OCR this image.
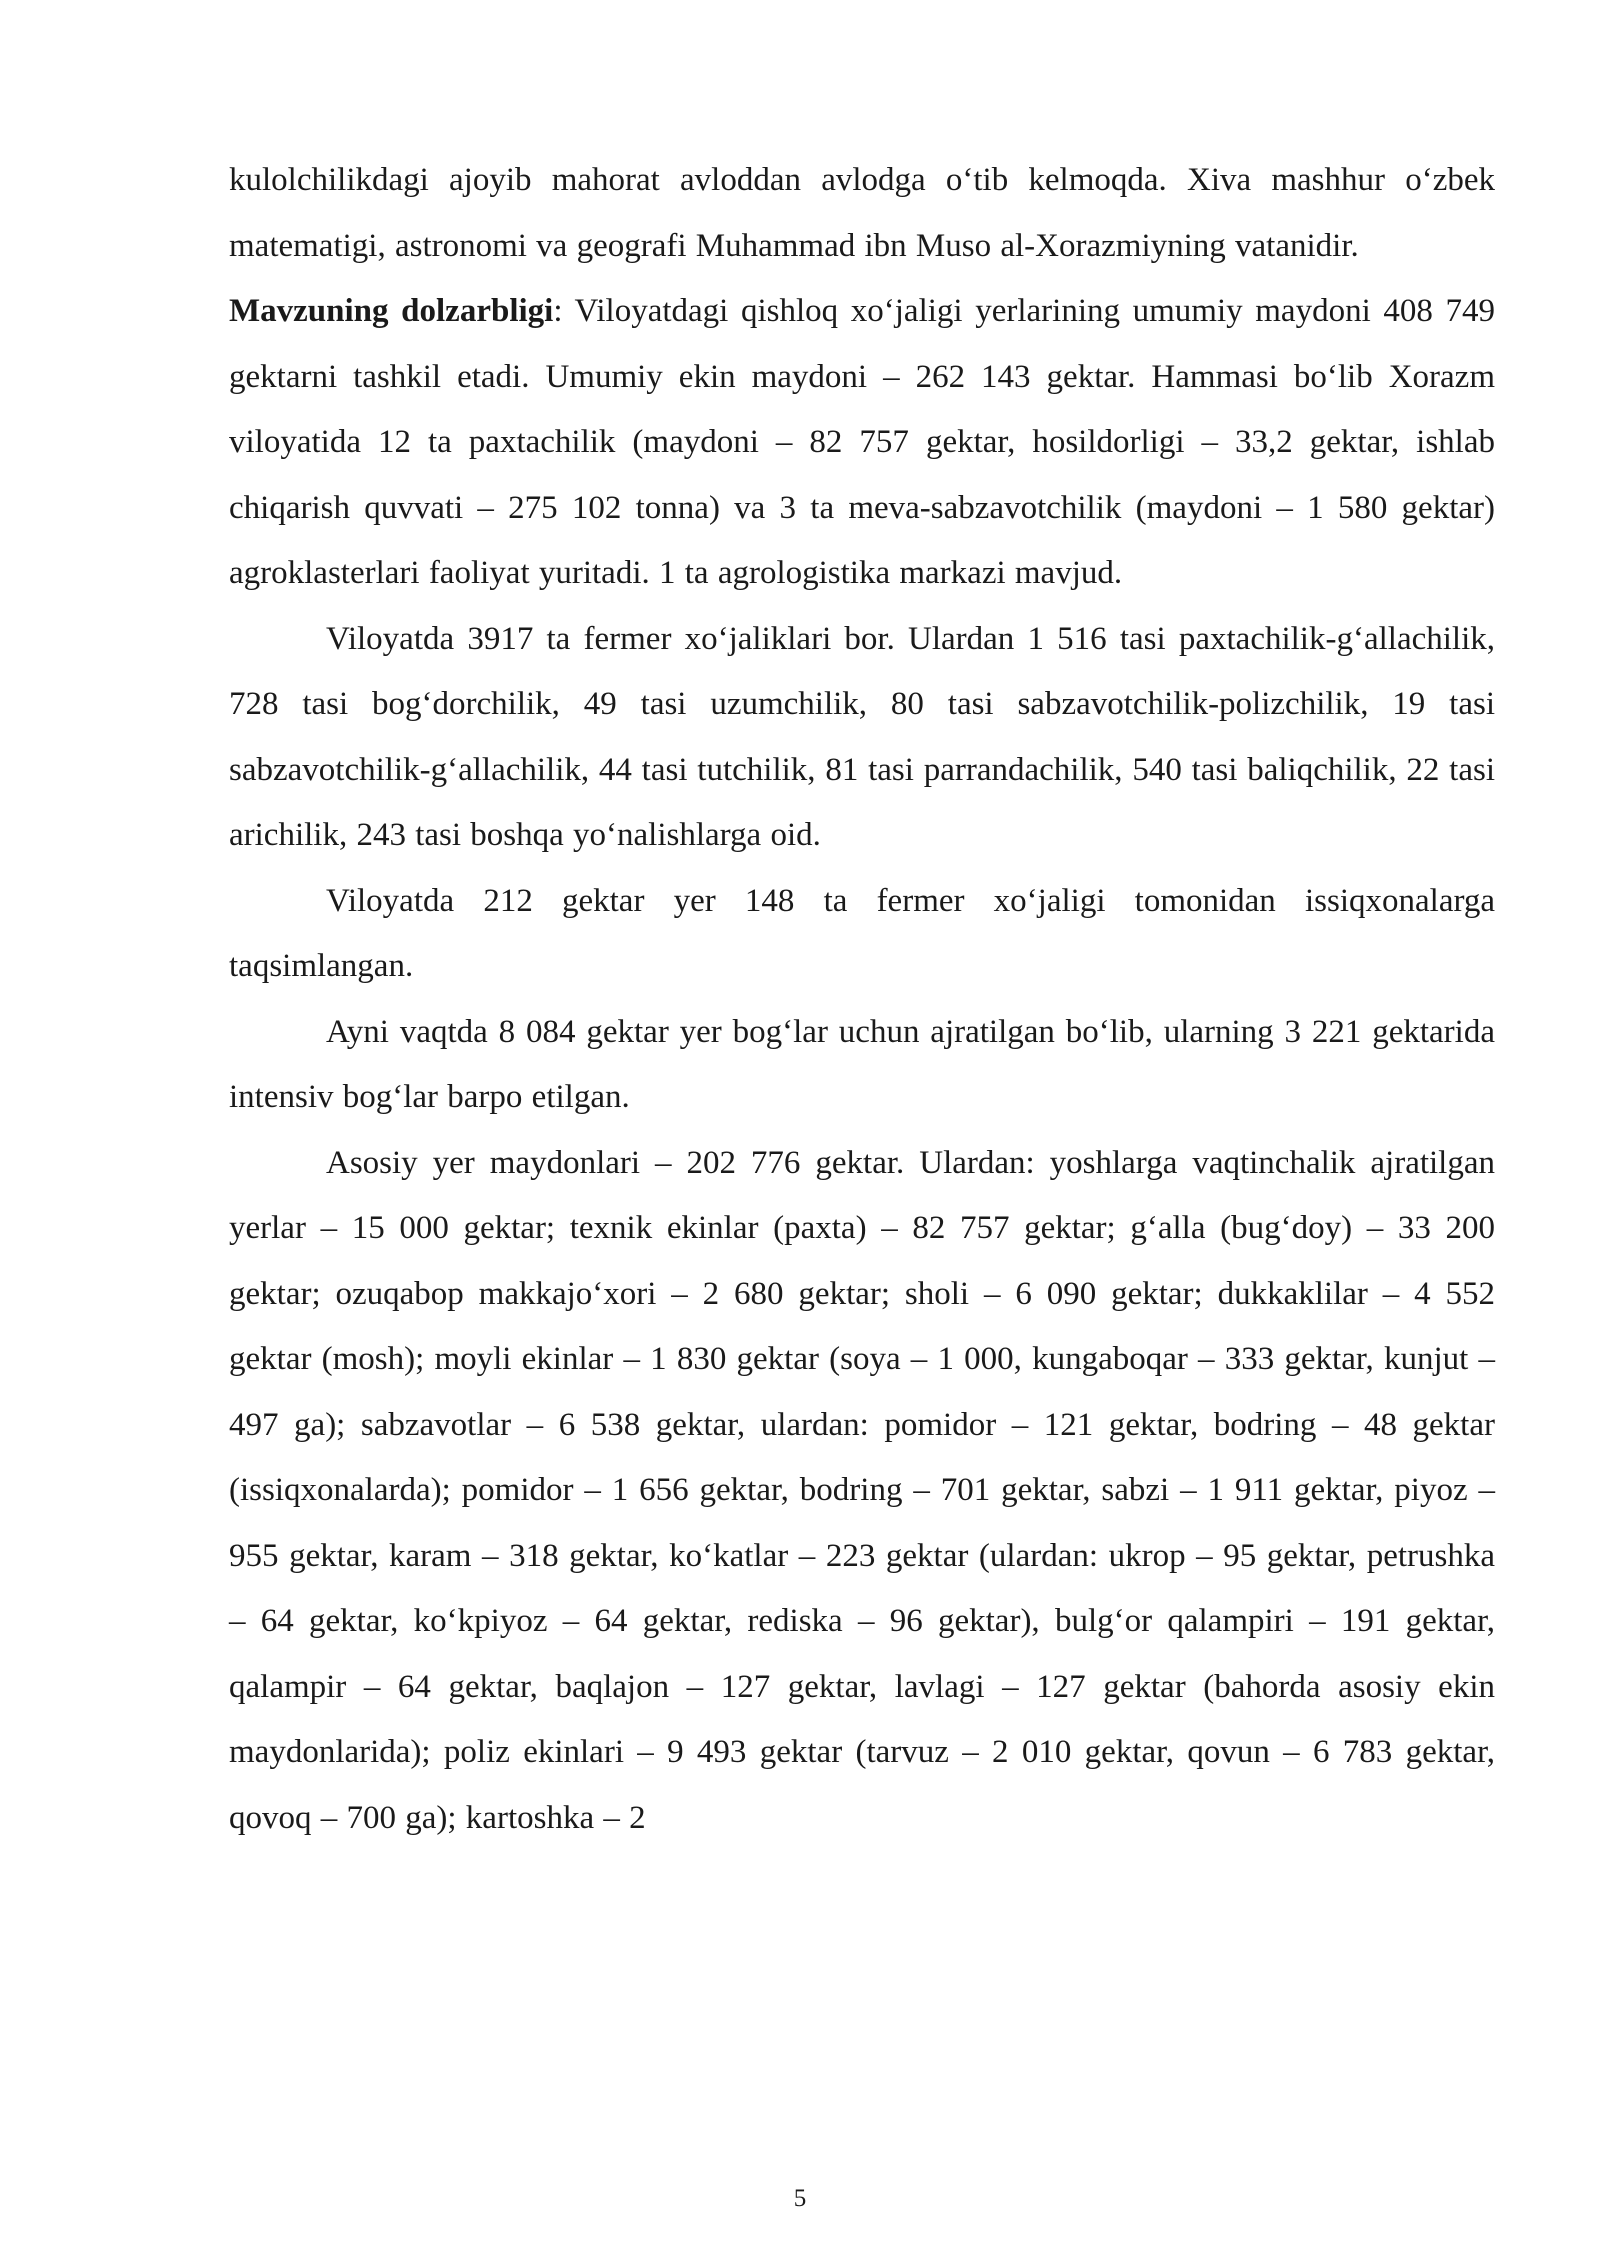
kulolchilikdagi ajoyib mahorat avloddan avlodga o‘tib kelmoqda. Xiva mashhur o‘zbek matematigi, astronomi va geografi Muhammad ibn Muso al-Xorazmiyning vatanidir.

Mavzuning dolzarbligi: Viloyatdagi qishloq xo‘jaligi yerlarining umumiy maydoni 408 749 gektarni tashkil etadi. Umumiy ekin maydoni – 262 143 gektar. Hammasi bo‘lib Xorazm viloyatida 12 ta paxtachilik (maydoni – 82 757 gektar, hosildorligi – 33,2 gektar, ishlab chiqarish quvvati – 275 102 tonna) va 3 ta meva-sabzavotchilik (maydoni – 1 580 gektar) agroklasterlari faoliyat yuritadi. 1 ta agrologistika markazi mavjud.

Viloyatda 3917 ta fermer xo‘jaliklari bor. Ulardan 1 516 tasi paxtachilik-g‘allachilik, 728 tasi bog‘dorchilik, 49 tasi uzumchilik, 80 tasi sabzavotchilik-polizchilik, 19 tasi sabzavotchilik-g‘allachilik, 44 tasi tutchilik, 81 tasi parrandachilik, 540 tasi baliqchilik, 22 tasi arichilik, 243 tasi boshqa yo‘nalishlarga oid.

Viloyatda 212 gektar yer 148 ta fermer xo‘jaligi tomonidan issiqxonalarga taqsimlangan.

Ayni vaqtda 8 084 gektar yer bog‘lar uchun ajratilgan bo‘lib, ularning 3 221 gektarida intensiv bog‘lar barpo etilgan.

Asosiy yer maydonlari – 202 776 gektar. Ulardan: yoshlarga vaqtinchalik ajratilgan yerlar – 15 000 gektar; texnik ekinlar (paxta) – 82 757 gektar; g‘alla (bug‘doy) – 33 200 gektar; ozuqabop makkajo‘xori – 2 680 gektar; sholi – 6 090 gektar; dukkaklilar – 4 552 gektar (mosh); moyli ekinlar – 1 830 gektar (soya – 1 000, kungaboqar – 333 gektar, kunjut – 497 ga); sabzavotlar – 6 538 gektar, ulardan: pomidor – 121 gektar, bodring – 48 gektar (issiqxonalarda); pomidor – 1 656 gektar, bodring – 701 gektar, sabzi – 1 911 gektar, piyoz – 955 gektar, karam – 318 gektar, ko‘katlar – 223 gektar (ulardan: ukrop – 95 gektar, petrushka – 64 gektar, ko‘kpiyoz – 64 gektar, rediska – 96 gektar), bulg‘or qalampiri – 191 gektar, qalampir – 64 gektar, baqlajon – 127 gektar, lavlagi – 127 gektar (bahorda asosiy ekin maydonlarida); poliz ekinlari – 9 493 gektar (tarvuz – 2 010 gektar, qovun – 6 783 gektar, qovoq – 700 ga); kartoshka – 2

5
